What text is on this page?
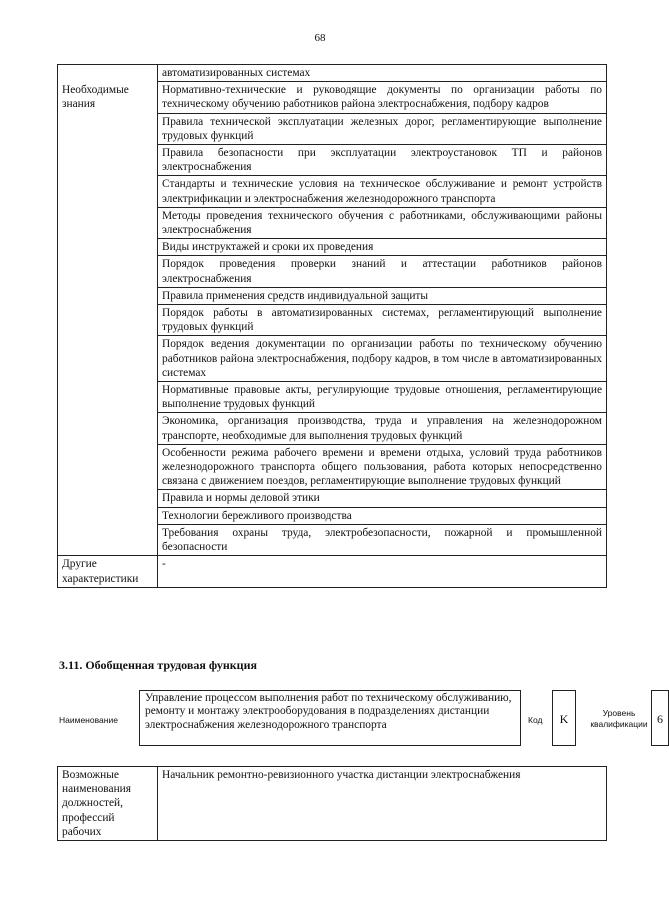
68
	автоматизированных системах
Необходимые знания	Нормативно-технические и руководящие документы по организации работы по техническому обучению работников района электроснабжения, подбору кадров
	Правила технической эксплуатации железных дорог, регламентирующие выполнение трудовых функций
	Правила безопасности при эксплуатации электроустановок ТП и районов электроснабжения
	Стандарты и технические условия на техническое обслуживание и ремонт устройств электрификации и электроснабжения железнодорожного транспорта
	Методы проведения технического обучения с работниками, обслуживающими районы электроснабжения
	Виды инструктажей и сроки их проведения
	Порядок проведения проверки знаний и аттестации работников районов электроснабжения
	Правила применения средств индивидуальной защиты
	Порядок работы в автоматизированных системах, регламентирующий выполнение трудовых функций
	Порядок ведения документации по организации работы по техническому обучению работников района электроснабжения, подбору кадров, в том числе в автоматизированных системах
	Нормативные правовые акты, регулирующие трудовые отношения, регламентирующие выполнение трудовых функций
	Экономика, организация производства, труда и управления на железнодорожном транспорте, необходимые для выполнения трудовых функций
	Особенности режима рабочего времени и времени отдыха, условий труда работников железнодорожного транспорта общего пользования, работа которых непосредственно связана с движением поездов, регламентирующие выполнение трудовых функций
	Правила и нормы деловой этики
	Технологии бережливого производства
	Требования охраны труда, электробезопасности, пожарной и промышленной безопасности
Другие характеристики	-
3.11. Обобщенная трудовая функция
Наименование
Управление процессом выполнения работ по техническому обслуживанию, ремонту и монтажу электрооборудования в подразделениях дистанции электроснабжения железнодорожного транспорта	Код	K	Уровень квалификации 6
Возможные наименования должностей, профессий рабочих	Начальник ремонтно-ревизионного участка дистанции электроснабжения
